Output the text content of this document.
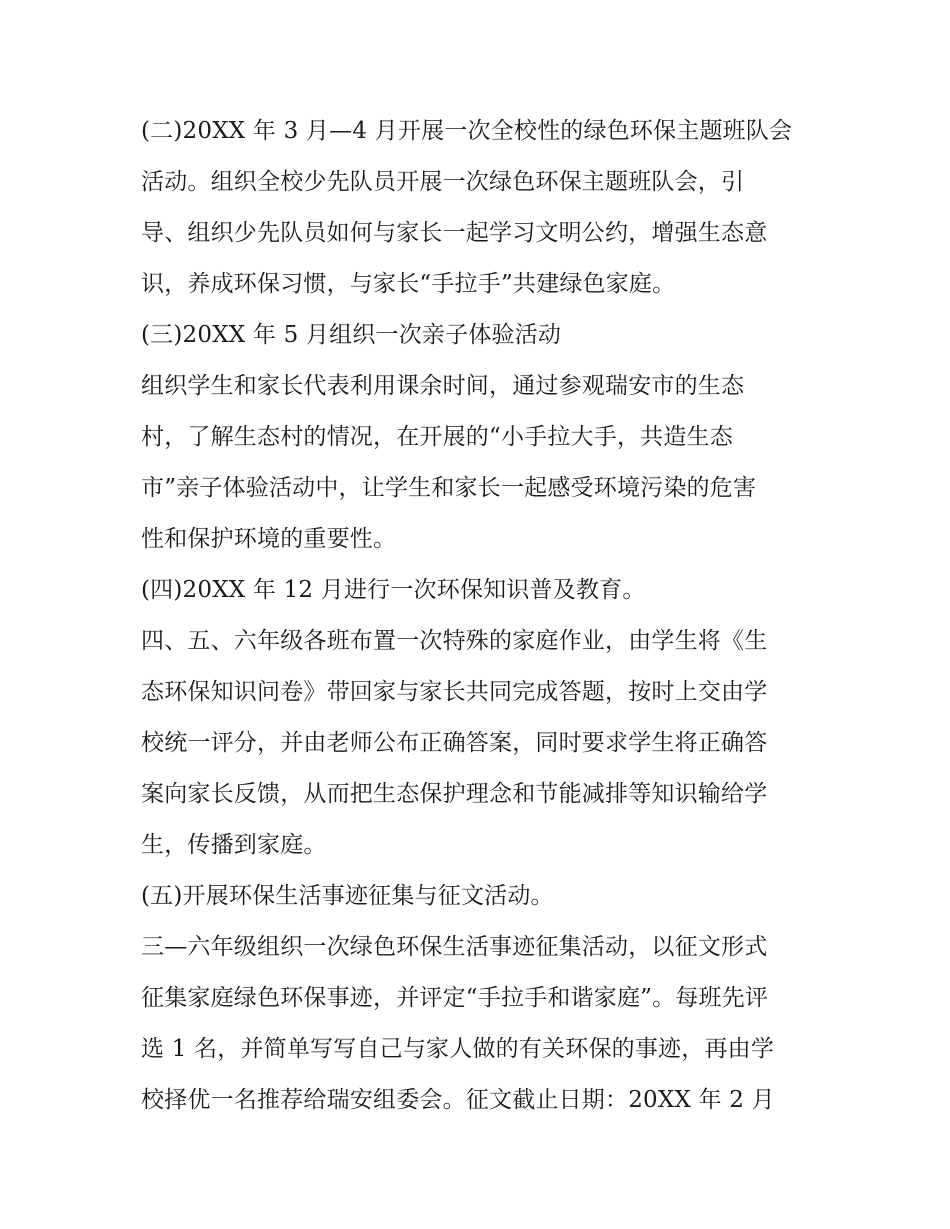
(二)20XX 年 3 月—4 月开展一次全校性的绿色环保主题班队会
活动。组织全校少先队员开展一次绿色环保主题班队会，引
导、组织少先队员如何与家长一起学习文明公约，增强生态意
识，养成环保习惯，与家长“手拉手”共建绿色家庭。
(三)20XX 年 5 月组织一次亲子体验活动
组织学生和家长代表利用课余时间，通过参观瑞安市的生态
村，了解生态村的情况，在开展的“小手拉大手，共造生态
市”亲子体验活动中，让学生和家长一起感受环境污染的危害
性和保护环境的重要性。
(四)20XX 年 12 月进行一次环保知识普及教育。
四、五、六年级各班布置一次特殊的家庭作业，由学生将《生
态环保知识问卷》带回家与家长共同完成答题，按时上交由学
校统一评分，并由老师公布正确答案，同时要求学生将正确答
案向家长反馈，从而把生态保护理念和节能减排等知识输给学
生，传播到家庭。
(五)开展环保生活事迹征集与征文活动。
三—六年级组织一次绿色环保生活事迹征集活动，以征文形式
征集家庭绿色环保事迹，并评定“手拉手和谐家庭”。每班先评
选 1 名，并简单写写自己与家人做的有关环保的事迹，再由学
校择优一名推荐给瑞安组委会。征文截止日期：20XX 年 2 月
